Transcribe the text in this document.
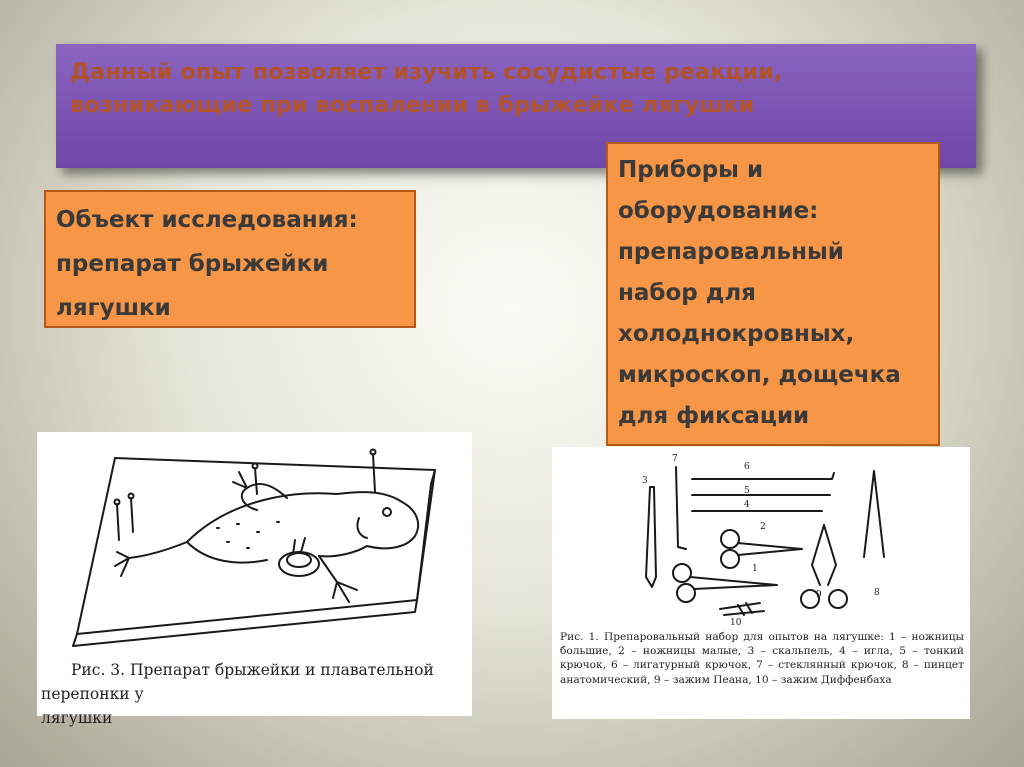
Данный опыт позволяет изучить сосудистые реакции,
возникающие при воспалении в брыжейке лягушки

Объект исследования:
препарат брыжейки
лягушки

Приборы и
оборудование:
препаровальный
набор для
холоднокровных,
микроскоп, дощечка
для фиксации

Рис. 3. Препарат брыжейки и плавательной перепонки у
лягушки

7
6
3
5
4
2
1
9	8
10

Рис. 1. Препаровальный набор для опытов на лягушке: 1 – ножницы большие, 2 – ножницы малые, 3 – скальпель, 4 – игла, 5 – тонкий крючок, 6 – лигатурный крючок, 7 – стеклянный крючок, 8 – пинцет анатомический, 9 – зажим Пеана, 10 – зажим Диффенбаха
